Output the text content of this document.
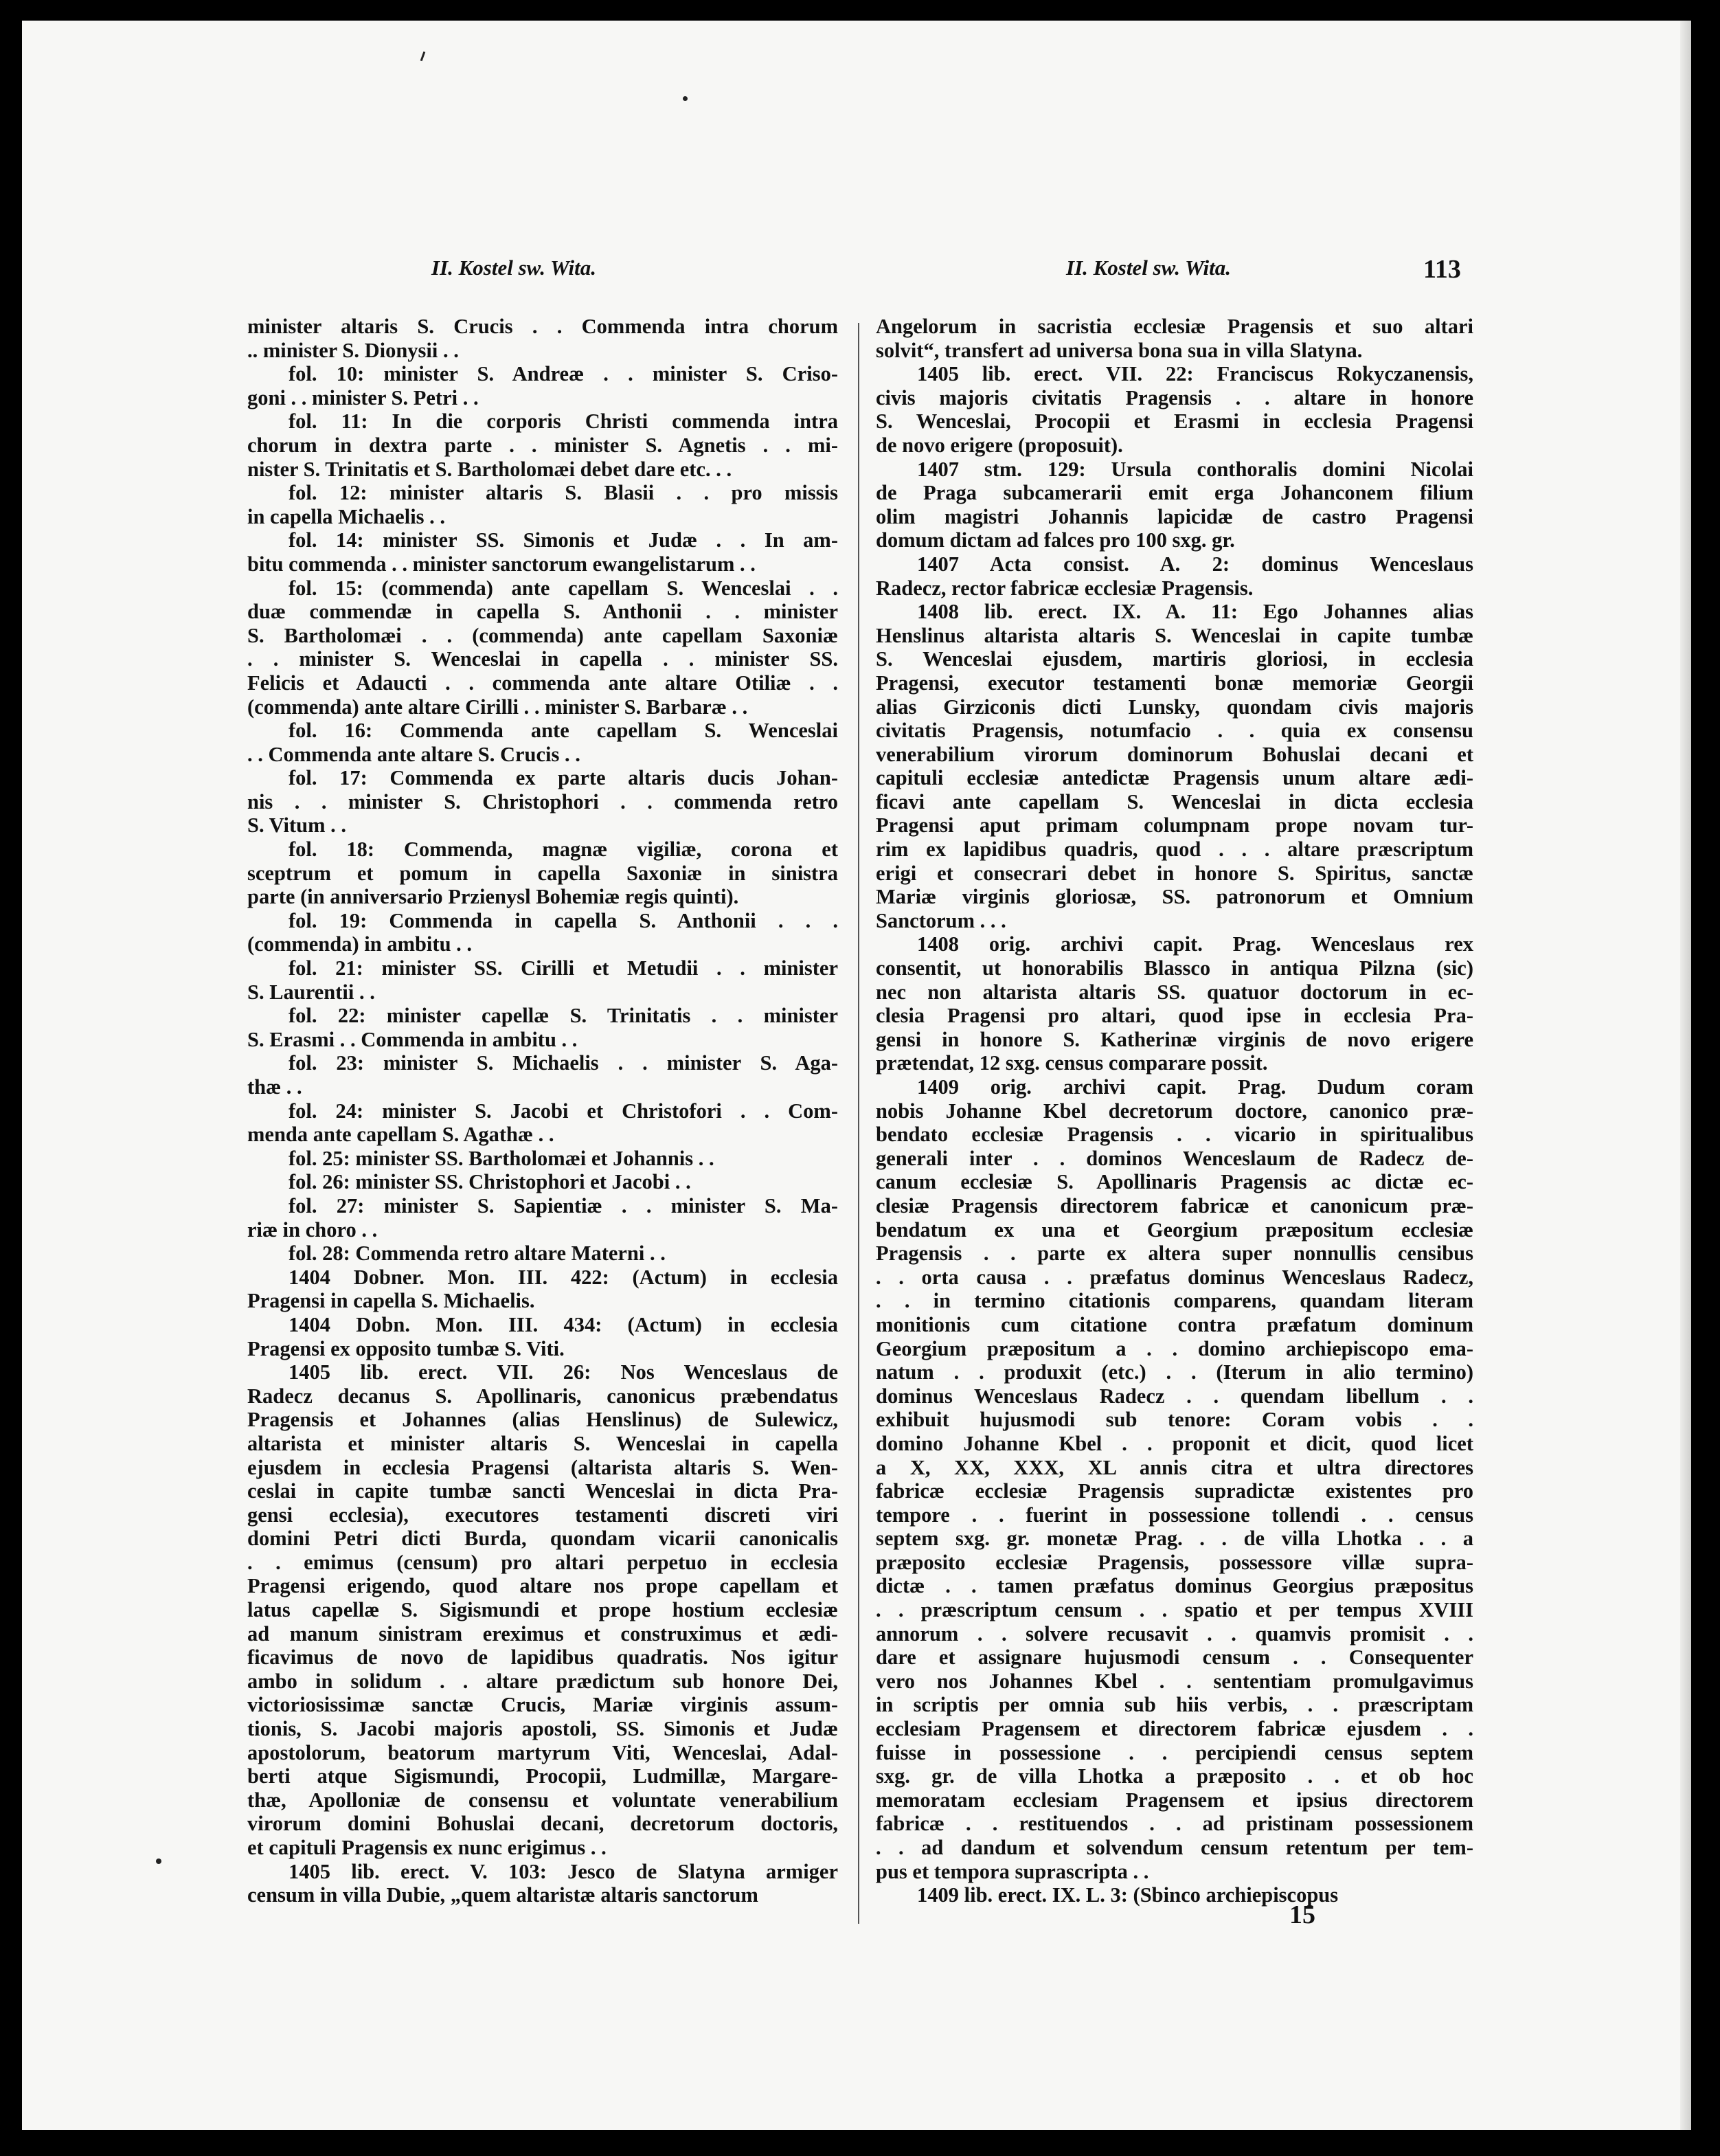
II. Kostel sw. Wita.	II. Kostel sw. Wita.	113
minister altaris S. Crucis . . Commenda intra chorum
.. minister S. Dionysii . .
fol. 10: minister S. Andreæ . . minister S. Criso-
goni . . minister S. Petri . .
fol. 11: In die corporis Christi commenda intra
chorum in dextra parte . . minister S. Agnetis . . mi-
nister S. Trinitatis et S. Bartholomæi debet dare etc. . .
fol. 12: minister altaris S. Blasii . . pro missis
in capella Michaelis . .
fol. 14: minister SS. Simonis et Judæ . . In am-
bitu commenda . . minister sanctorum ewangelistarum . .
fol. 15: (commenda) ante capellam S. Wenceslai . .
duæ commendæ in capella S. Anthonii . . minister
S. Bartholomæi . . (commenda) ante capellam Saxoniæ
. . minister S. Wenceslai in capella . . minister SS.
Felicis et Adaucti . . commenda ante altare Otiliæ . .
(commenda) ante altare Cirilli . . minister S. Barbaræ . .
fol. 16: Commenda ante capellam S. Wenceslai
. . Commenda ante altare S. Crucis . .
fol. 17: Commenda ex parte altaris ducis Johan-
nis . . minister S. Christophori . . commenda retro
S. Vitum . .
fol. 18: Commenda, magnæ vigiliæ, corona et
sceptrum et pomum in capella Saxoniæ in sinistra
parte (in anniversario Przienysl Bohemiæ regis quinti).
fol. 19: Commenda in capella S. Anthonii . . .
(commenda) in ambitu . .
fol. 21: minister SS. Cirilli et Metudii . . minister
S. Laurentii . .
fol. 22: minister capellæ S. Trinitatis . . minister
S. Erasmi . . Commenda in ambitu . .
fol. 23: minister S. Michaelis . . minister S. Aga-
thæ . .
fol. 24: minister S. Jacobi et Christofori . . Com-
menda ante capellam S. Agathæ . .
fol. 25: minister SS. Bartholomæi et Johannis . .
fol. 26: minister SS. Christophori et Jacobi . .
fol. 27: minister S. Sapientiæ . . minister S. Ma-
riæ in choro . .
fol. 28: Commenda retro altare Materni . .
1404 Dobner. Mon. III. 422: (Actum) in ecclesia
Pragensi in capella S. Michaelis.
1404 Dobn. Mon. III. 434: (Actum) in ecclesia
Pragensi ex opposito tumbæ S. Viti.
1405 lib. erect. VII. 26: Nos Wenceslaus de
Radecz decanus S. Apollinaris, canonicus præbendatus
Pragensis et Johannes (alias Henslinus) de Sulewicz,
altarista et minister altaris S. Wenceslai in capella
ejusdem in ecclesia Pragensi (altarista altaris S. Wen-
ceslai in capite tumbæ sancti Wenceslai in dicta Pra-
gensi ecclesia), executores testamenti discreti viri
domini Petri dicti Burda, quondam vicarii canonicalis
. . emimus (censum) pro altari perpetuo in ecclesia
Pragensi erigendo, quod altare nos prope capellam et
latus capellæ S. Sigismundi et prope hostium ecclesiæ
ad manum sinistram ereximus et construximus et ædi-
ficavimus de novo de lapidibus quadratis. Nos igitur
ambo in solidum . . altare prædictum sub honore Dei,
victoriosissimæ sanctæ Crucis, Mariæ virginis assum-
tionis, S. Jacobi majoris apostoli, SS. Simonis et Judæ
apostolorum, beatorum martyrum Viti, Wenceslai, Adal-
berti atque Sigismundi, Procopii, Ludmillæ, Margare-
thæ, Apolloniæ de consensu et voluntate venerabilium
virorum domini Bohuslai decani, decretorum doctoris,
et capituli Pragensis ex nunc erigimus . .
1405 lib. erect. V. 103: Jesco de Slatyna armiger
censum in villa Dubie, „quem altaristæ altaris sanctorum
Angelorum in sacristia ecclesiæ Pragensis et suo altari
solvit“, transfert ad universa bona sua in villa Slatyna.
1405 lib. erect. VII. 22: Franciscus Rokyczanensis,
civis majoris civitatis Pragensis . . altare in honore
S. Wenceslai, Procopii et Erasmi in ecclesia Pragensi
de novo erigere (proposuit).
1407 stm. 129: Ursula conthoralis domini Nicolai
de Praga subcamerarii emit erga Johanconem filium
olim magistri Johannis lapicidæ de castro Pragensi
domum dictam ad falces pro 100 sxg. gr.
1407 Acta consist. A. 2: dominus Wenceslaus
Radecz, rector fabricæ ecclesiæ Pragensis.
1408 lib. erect. IX. A. 11: Ego Johannes alias
Henslinus altarista altaris S. Wenceslai in capite tumbæ
S. Wenceslai ejusdem, martiris gloriosi, in ecclesia
Pragensi, executor testamenti bonæ memoriæ Georgii
alias Girziconis dicti Lunsky, quondam civis majoris
civitatis Pragensis, notumfacio . . quia ex consensu
venerabilium virorum dominorum Bohuslai decani et
capituli ecclesiæ antedictæ Pragensis unum altare ædi-
ficavi ante capellam S. Wenceslai in dicta ecclesia
Pragensi aput primam columpnam prope novam tur-
rim ex lapidibus quadris, quod . . . altare præscriptum
erigi et consecrari debet in honore S. Spiritus, sanctæ
Mariæ virginis gloriosæ, SS. patronorum et Omnium
Sanctorum . . .
1408 orig. archivi capit. Prag. Wenceslaus rex
consentit, ut honorabilis Blassco in antiqua Pilzna (sic)
nec non altarista altaris SS. quatuor doctorum in ec-
clesia Pragensi pro altari, quod ipse in ecclesia Pra-
gensi in honore S. Katherinæ virginis de novo erigere
prætendat, 12 sxg. census comparare possit.
1409 orig. archivi capit. Prag. Dudum coram
nobis Johanne Kbel decretorum doctore, canonico præ-
bendato ecclesiæ Pragensis . . vicario in spiritualibus
generali inter . . dominos Wenceslaum de Radecz de-
canum ecclesiæ S. Apollinaris Pragensis ac dictæ ec-
clesiæ Pragensis directorem fabricæ et canonicum præ-
bendatum ex una et Georgium præpositum ecclesiæ
Pragensis . . parte ex altera super nonnullis censibus
. . orta causa . . præfatus dominus Wenceslaus Radecz,
. . in termino citationis comparens, quandam literam
monitionis cum citatione contra præfatum dominum
Georgium præpositum a . . domino archiepiscopo ema-
natum . . produxit (etc.) . . (Iterum in alio termino)
dominus Wenceslaus Radecz . . quendam libellum . .
exhibuit hujusmodi sub tenore: Coram vobis . .
domino Johanne Kbel . . proponit et dicit, quod licet
a X, XX, XXX, XL annis citra et ultra directores
fabricæ ecclesiæ Pragensis supradictæ existentes pro
tempore . . fuerint in possessione tollendi . . census
septem sxg. gr. monetæ Prag. . . de villa Lhotka . . a
præposito ecclesiæ Pragensis, possessore villæ supra-
dictæ . . tamen præfatus dominus Georgius præpositus
. . præscriptum censum . . spatio et per tempus XVIII
annorum . . solvere recusavit . . quamvis promisit . .
dare et assignare hujusmodi censum . . Consequenter
vero nos Johannes Kbel . . sententiam promulgavimus
in scriptis per omnia sub hiis verbis, . . præscriptam
ecclesiam Pragensem et directorem fabricæ ejusdem . .
fuisse in possessione . . percipiendi census septem
sxg. gr. de villa Lhotka a præposito . . et ob hoc
memoratam ecclesiam Pragensem et ipsius directorem
fabricæ . . restituendos . . ad pristinam possessionem
. . ad dandum et solvendum censum retentum per tem-
pus et tempora suprascripta . .
1409 lib. erect. IX. L. 3: (Sbinco archiepiscopus
15
